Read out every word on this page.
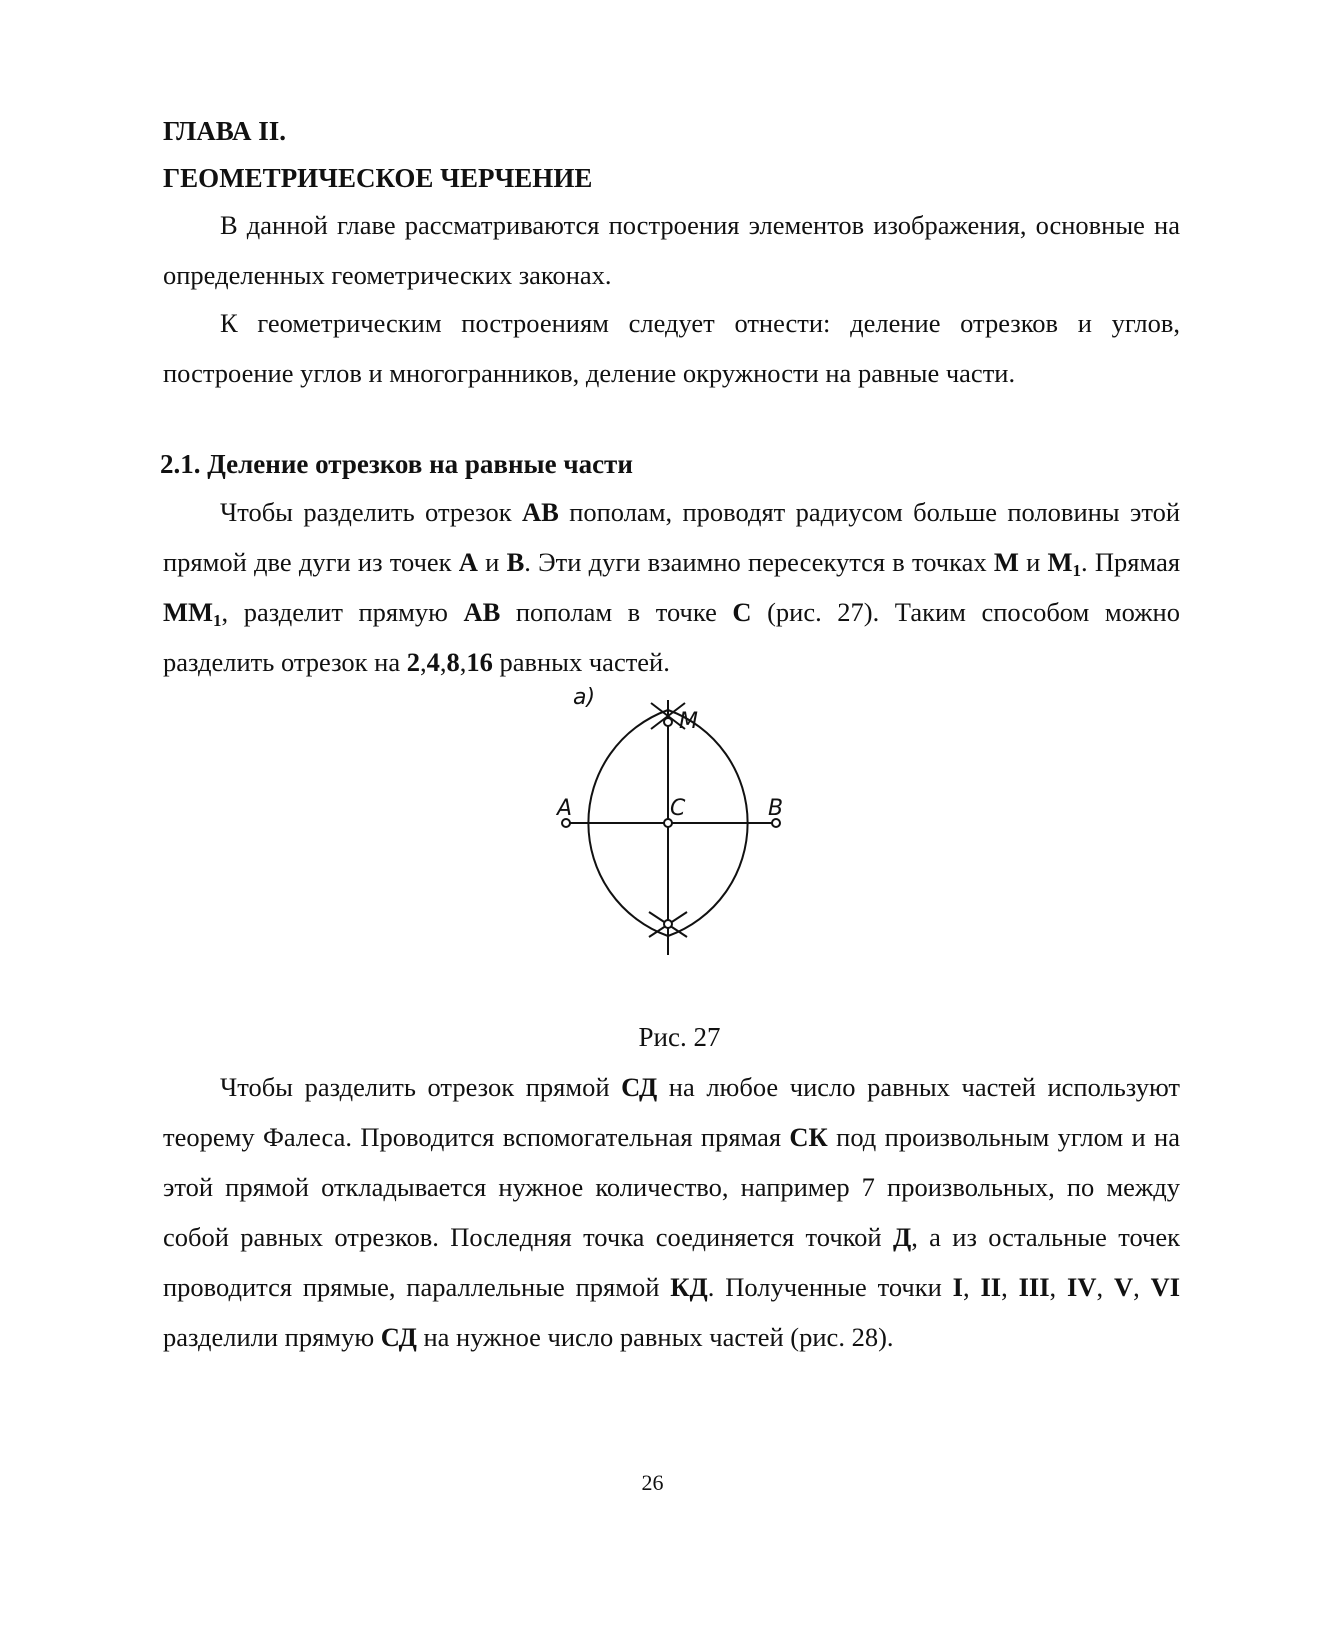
ГЛАВА II.
ГЕОМЕТРИЧЕСКОЕ ЧЕРЧЕНИЕ

В данной главе рассматриваются построения элементов изображения, основные на определенных геометрических законах.

К геометрическим построениям следует отнести: деление отрезков и углов, построение углов и многогранников, деление окружности на равные части.

2.1. Деление отрезков на равные части

Чтобы разделить отрезок АВ пополам, проводят радиусом больше половины этой прямой две дуги из точек А и В. Эти дуги взаимно пересекутся в точках М и $М_1$. Прямая $ММ_1$, разделит прямую АВ пополам в точке С (рис. 27). Таким способом можно разделить отрезок на 2,4,8,16 равных частей.

а)
М
А	С	В
Рис. 27

Чтобы разделить отрезок прямой СД на любое число равных частей используют теорему Фалеса. Проводится вспомогательная прямая СК под произвольным углом и на этой прямой откладывается нужное количество, например 7 произвольных, по между собой равных отрезков. Последняя точка соединяется точкой Д, а из остальные точек проводится прямые, параллельные прямой КД. Полученные точки I, II, III, IV, V, VI разделили прямую СД на нужное число равных частей (рис. 28).

26
